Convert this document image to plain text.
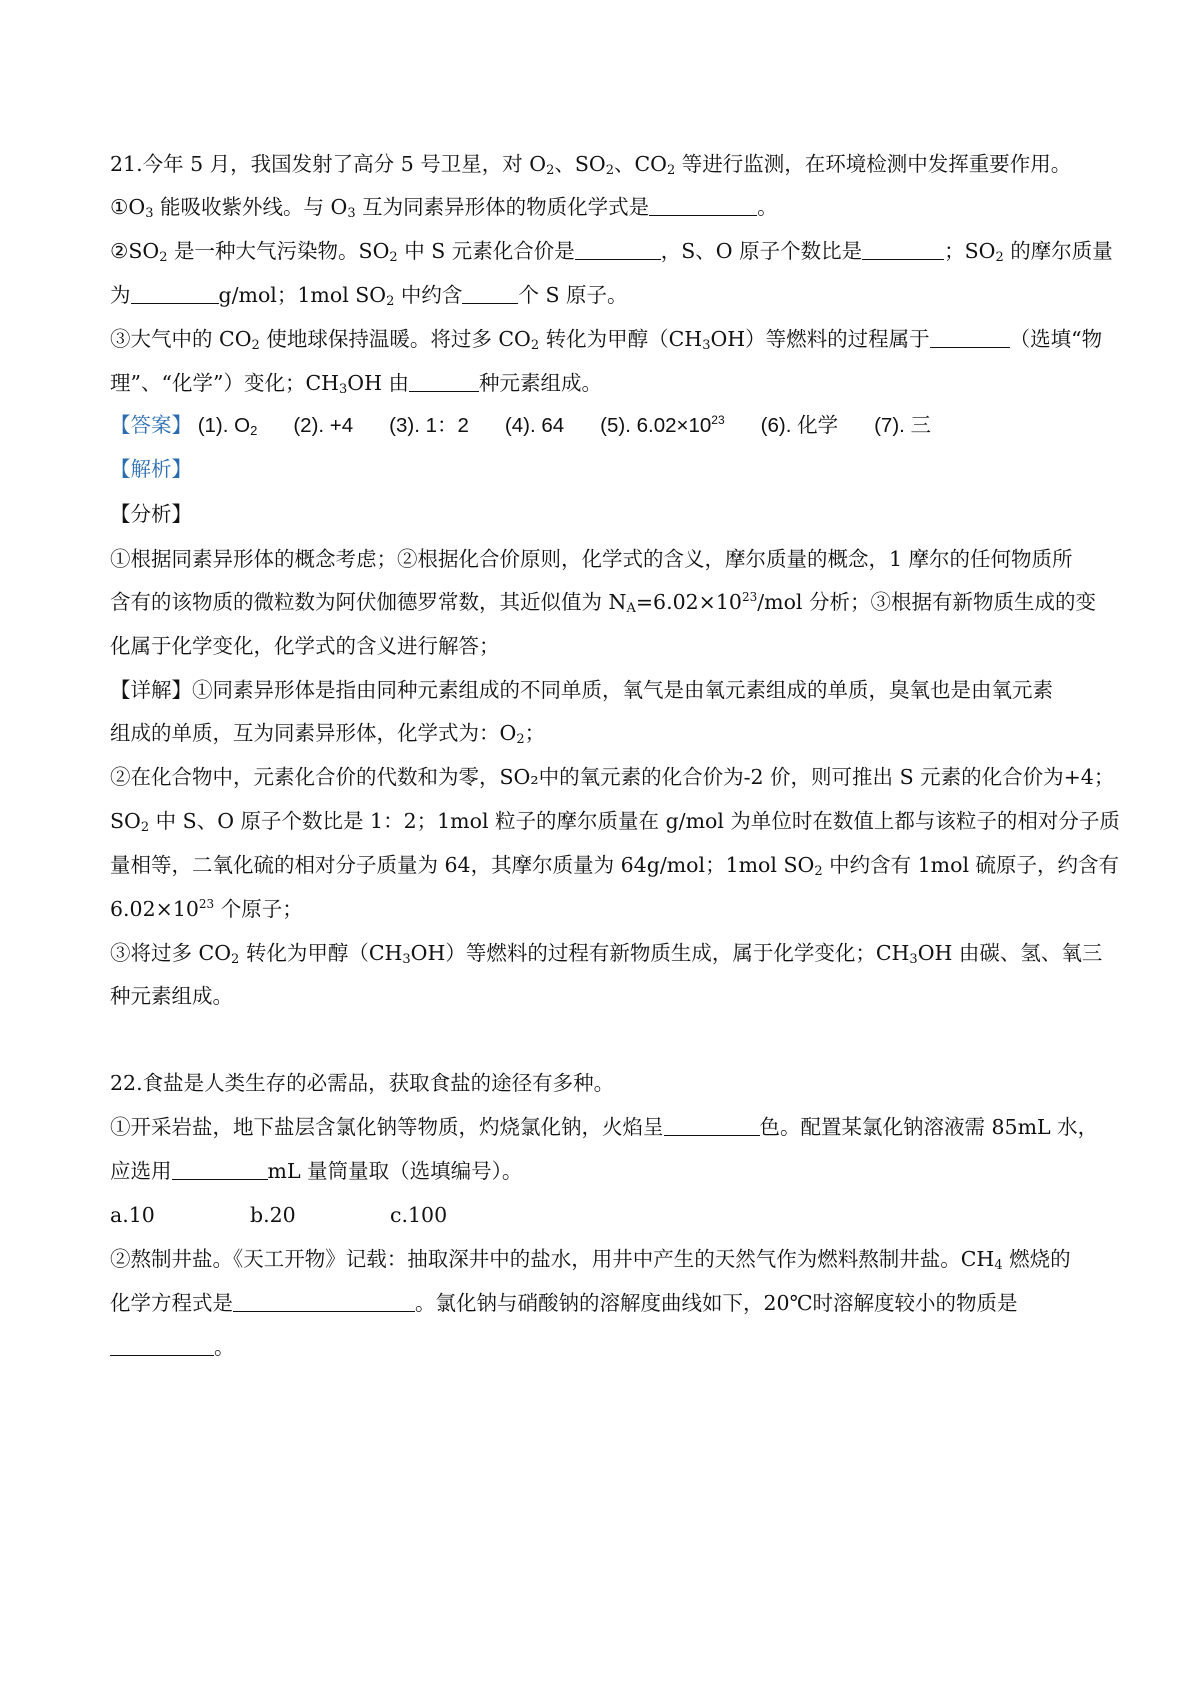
21.今年 5 月，我国发射了高分 5 号卫星，对 $O_2$、$SO_2$、$CO_2$ 等进行监测，在环境检测中发挥重要作用。
$①O_3$ 能吸收紫外线。与 $O_3$ 互为同素异形体的物质化学式是	。
$②SO_2$ 是一种大气污染物。$SO_2$ 中 S 元素化合价是	，S、O 原子个数比是	；$SO_2$ 的摩尔质量
为	g/mol；1mol $SO_2$ 中约含	个 S 原子。
③大气中的 $CO_2$ 使地球保持温暖。将过多 $CO_2$ 转化为甲醇$(CH_3OH)$等燃料的过程属于	（选填“物
理”、“化学”）变化；$CH_3OH$ 由	种元素组成。
【答案】 (1). $O_2$ (2). +4 (3). 1：2 (4). 64 (5). $6.02\times 10^{23}$ (6). 化学 (7). 三
【解析】
【分析】
①根据同素异形体的概念考虑；②根据化合价原则，化学式的含义，摩尔质量的概念，1 摩尔的任何物质所
含有的该物质的微粒数为阿伏伽德罗常数，其近似值为 $N_A=6.02\times 10^{23}$/mol 分析；③根据有新物质生成的变
化属于化学变化，化学式的含义进行解答；
【详解】①同素异形体是指由同种元素组成的不同单质，氧气是由氧元素组成的单质，臭氧也是由氧元素
组成的单质，互为同素异形体，化学式为：$O_2$；
②在化合物中，元素化合价的代数和为零，SO₂中的氧元素的化合价为-2 价，则可推出 S 元素的化合价为+4；
$SO_2$ 中 S、O 原子个数比是 1：2；1mol 粒子的摩尔质量在 g/mol 为单位时在数值上都与该粒子的相对分子质
量相等，二氧化硫的相对分子质量为 64，其摩尔质量为 64g/mol；1mol $SO_2$ 中约含有 1mol 硫原子，约含有
$6.02\times 10^{23}$ 个原子；
③将过多 $CO_2$ 转化为甲醇$(CH_3OH)$等燃料的过程有新物质生成，属于化学变化；$CH_3OH$ 由碳、氢、氧三
种元素组成。
22.食盐是人类生存的必需品，获取食盐的途径有多种。
①开采岩盐，地下盐层含氯化钠等物质，灼烧氯化钠，火焰呈	色。配置某氯化钠溶液需 85mL 水，
应选用	mL 量筒量取（选填编号）。
a.10	b.20	c.100
②熬制井盐。《天工开物》记载：抽取深井中的盐水，用井中产生的天然气作为燃料熬制井盐。$CH_4$ 燃烧的
化学方程式是	。氯化钠与硝酸钠的溶解度曲线如下，20℃时溶解度较小的物质是
。
